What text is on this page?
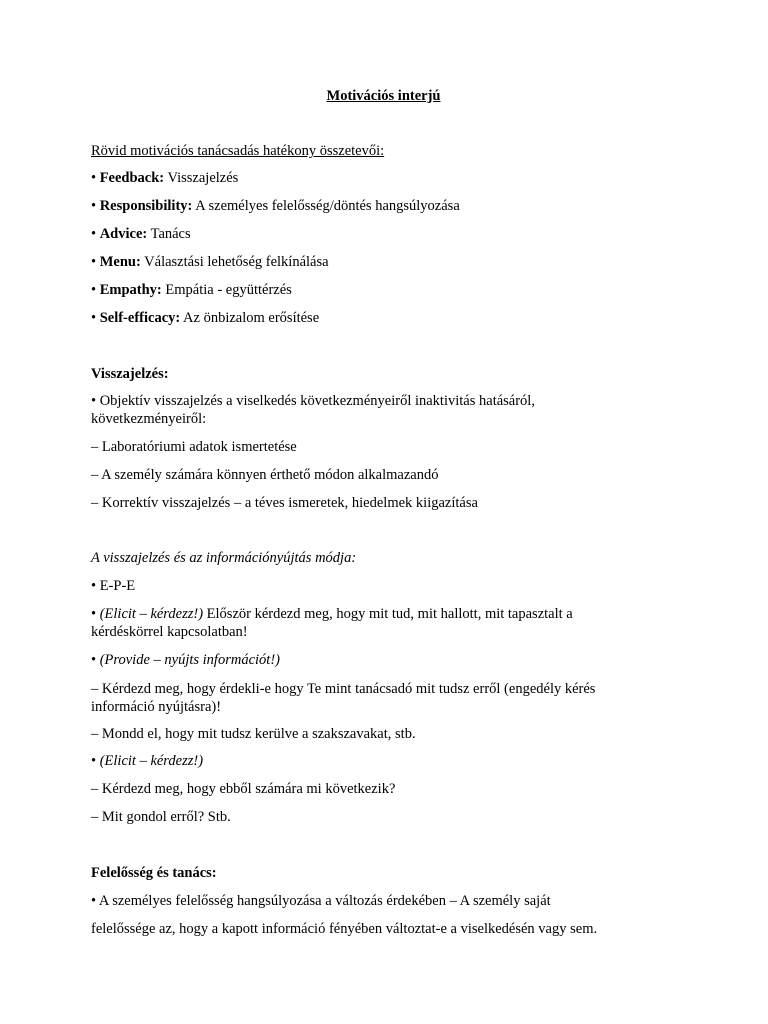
Motivációs interjú
Rövid motivációs tanácsadás hatékony összetevői:
• Feedback: Visszajelzés
• Responsibility: A személyes felelősség/döntés hangsúlyozása
• Advice: Tanács
• Menu: Választási lehetőség felkínálása
• Empathy: Empátia - együttérzés
• Self-efficacy: Az önbizalom erősítése
Visszajelzés:
• Objektív visszajelzés a viselkedés következményeiről inaktivitás hatásáról, következményeiről:
– Laboratóriumi adatok ismertetése
– A személy számára könnyen érthető módon alkalmazandó
– Korrektív visszajelzés – a téves ismeretek, hiedelmek kiigazítása
A visszajelzés és az információnyújtás módja:
• E-P-E
• (Elicit – kérdezz!) Először kérdezd meg, hogy mit tud, mit hallott, mit tapasztalt a kérdéskörrel kapcsolatban!
• (Provide – nyújts információt!)
– Kérdezd meg, hogy érdekli-e hogy Te mint tanácsadó mit tudsz erről (engedély kérés információ nyújtásra)!
– Mondd el, hogy mit tudsz kerülve a szakszavakat, stb.
• (Elicit – kérdezz!)
– Kérdezd meg, hogy ebből számára mi következik?
– Mit gondol erről? Stb.
Felelősség és tanács:
• A személyes felelősség hangsúlyozása a változás érdekében – A személy saját
felelőssége az, hogy a kapott információ fényében változtat-e a viselkedésén vagy sem.
